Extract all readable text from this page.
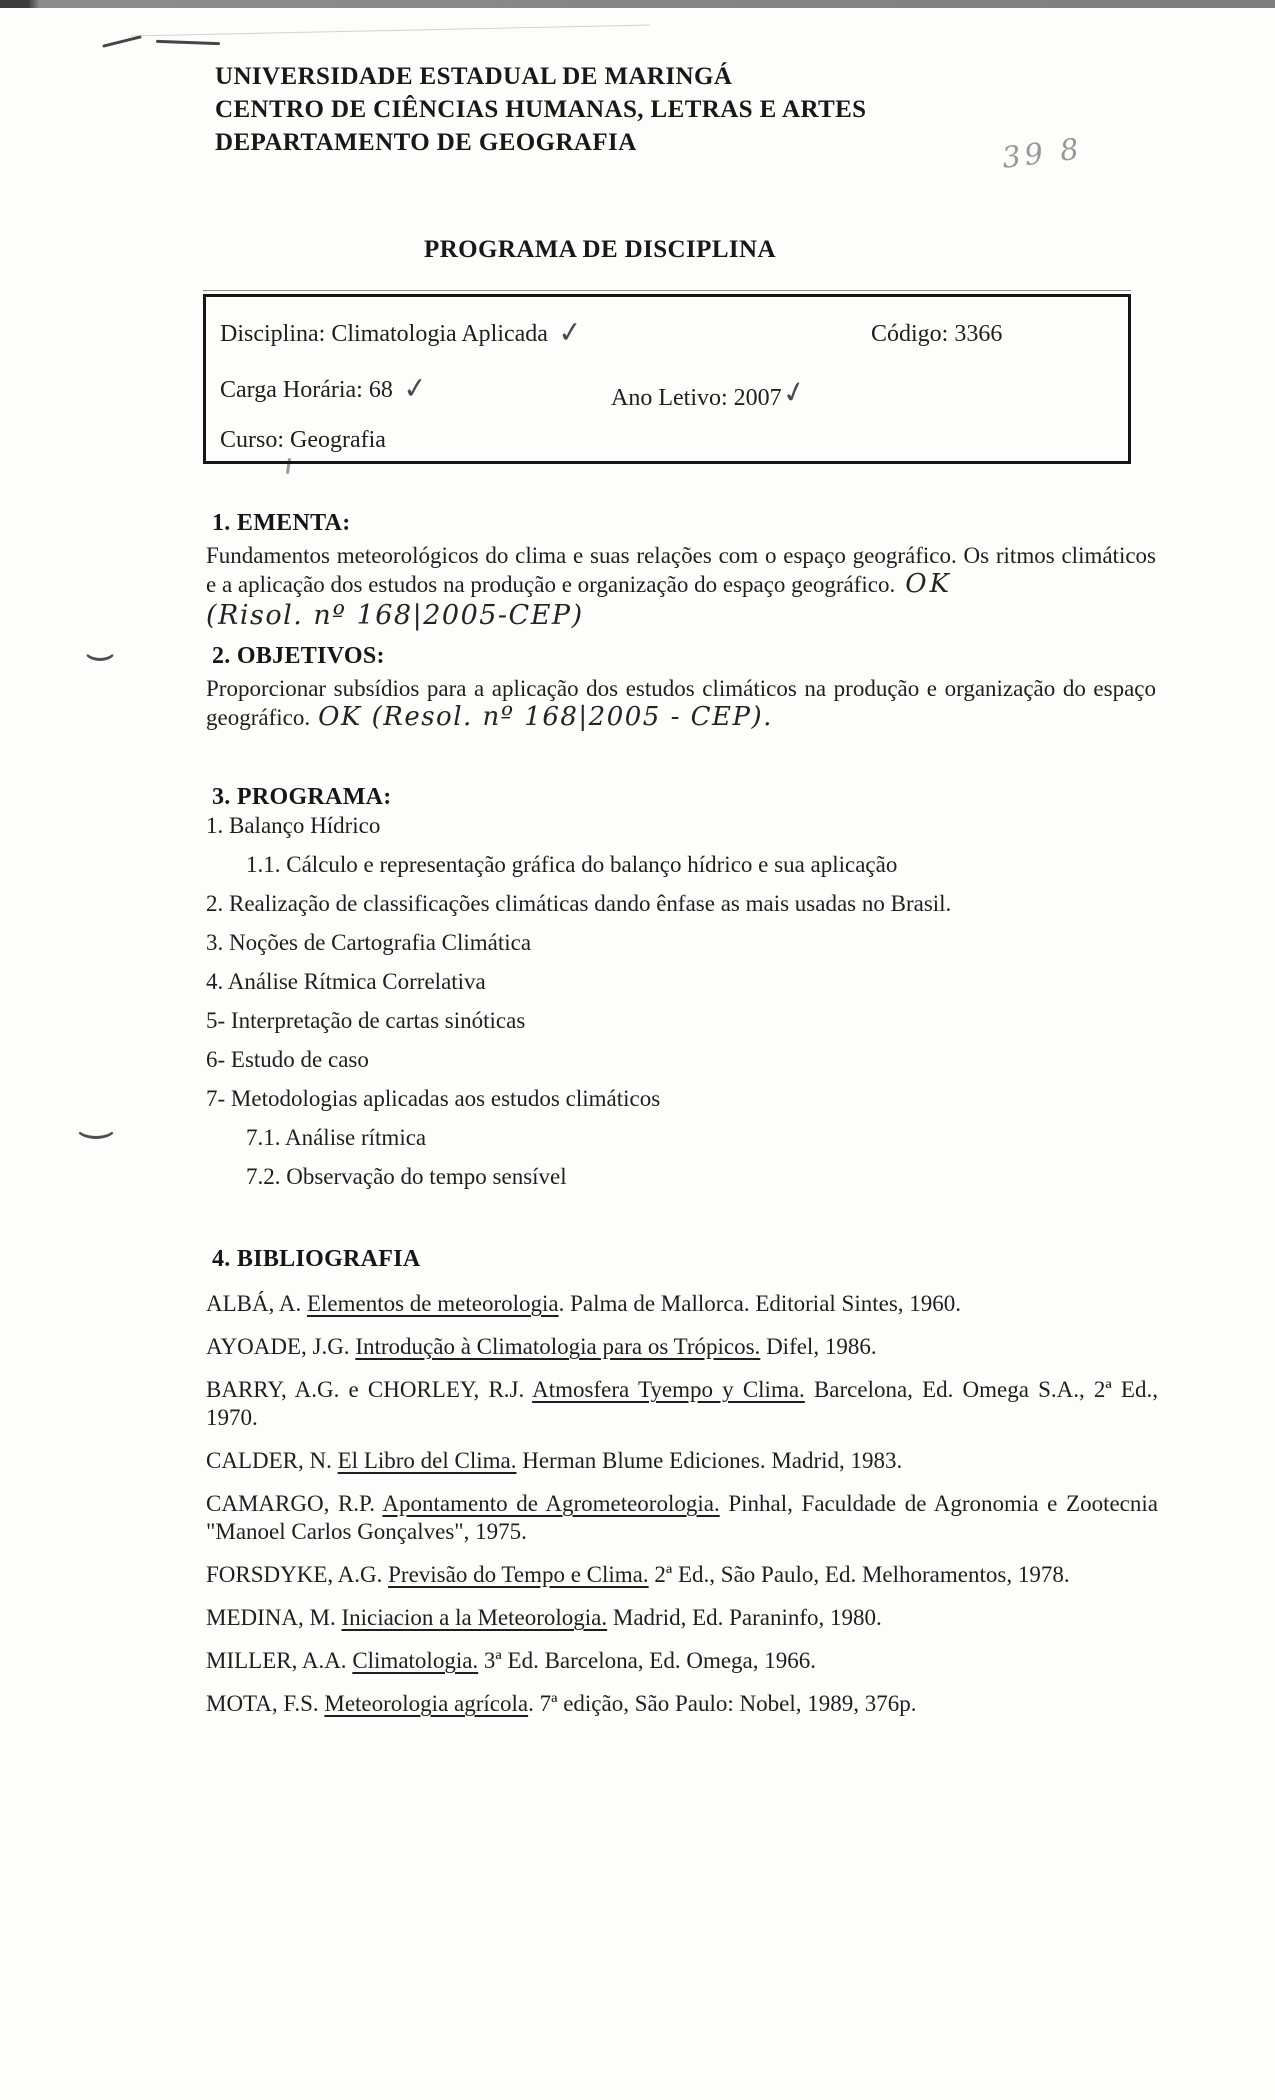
UNIVERSIDADE ESTADUAL DE MARINGÁ
CENTRO DE CIÊNCIAS HUMANAS, LETRAS E ARTES
DEPARTAMENTO DE GEOGRAFIA	39 8
PROGRAMA DE DISCIPLINA
Disciplina: Climatologia Aplicada ✓	Código: 3366
Carga Horária: 68 ✓	Ano Letivo: 2007✓
Curso: Geografia
1. EMENTA:
Fundamentos meteorológicos do clima e suas relações com o espaço geográfico. Os ritmos climáticos e a aplicação dos estudos na produção e organização do espaço geográfico. OK
(Risol. nº 168|2005-CEP)
2. OBJETIVOS:
Proporcionar subsídios para a aplicação dos estudos climáticos na produção e organização do espaço geográfico. OK (Resol. nº 168|2005 - CEP).
3. PROGRAMA:
1. Balanço Hídrico
1.1. Cálculo e representação gráfica do balanço hídrico e sua aplicação
2. Realização de classificações climáticas dando ênfase as mais usadas no Brasil.
3. Noções de Cartografia Climática
4. Análise Rítmica Correlativa
5- Interpretação de cartas sinóticas
6- Estudo de caso
7- Metodologias aplicadas aos estudos climáticos
7.1. Análise rítmica
7.2. Observação do tempo sensível
4. BIBLIOGRAFIA
ALBÁ, A. Elementos de meteorologia. Palma de Mallorca. Editorial Sintes, 1960.
AYOADE, J.G. Introdução à Climatologia para os Trópicos. Difel, 1986.
BARRY, A.G. e CHORLEY, R.J. Atmosfera Tyempo y Clima. Barcelona, Ed. Omega S.A., 2ª Ed., 1970.
CALDER, N. El Libro del Clima. Herman Blume Ediciones. Madrid, 1983.
CAMARGO, R.P. Apontamento de Agrometeorologia. Pinhal, Faculdade de Agronomia e Zootecnia "Manoel Carlos Gonçalves", 1975.
FORSDYKE, A.G. Previsão do Tempo e Clima. 2ª Ed., São Paulo, Ed. Melhoramentos, 1978.
MEDINA, M. Iniciacion a la Meteorologia. Madrid, Ed. Paraninfo, 1980.
MILLER, A.A. Climatologia. 3ª Ed. Barcelona, Ed. Omega, 1966.
MOTA, F.S. Meteorologia agrícola. 7ª edição, São Paulo: Nobel, 1989, 376p.
